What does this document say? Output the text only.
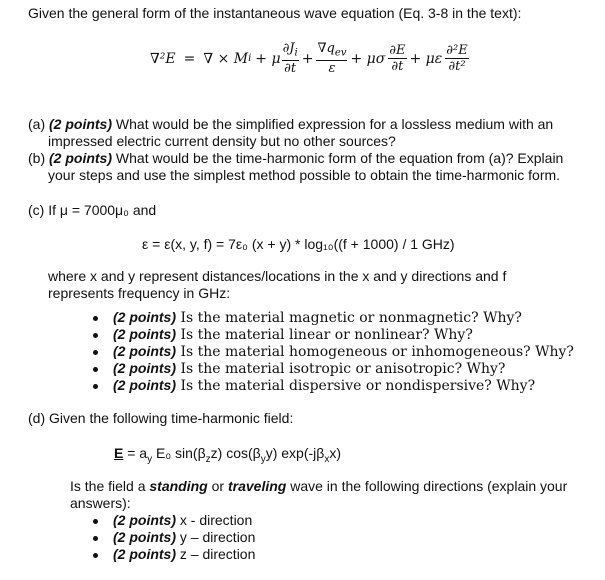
Given the general form of the instantaneous wave equation (Eq. 3-8 in the text):
∇²E = ∇ × M i + μ $\frac{\partial J_i}{\partial t} + \frac{\nabla q_{ev}}{\varepsilon} + \mu\sigma \frac{\partial E}{\partial t} + \mu\varepsilon \frac{\text{∂²E}}{\text{∂t²}}$
(a) (2 points) What would be the simplified expression for a lossless medium with an
impressed electric current density but no other sources?
(b) (2 points) What would be the time-harmonic form of the equation from (a)? Explain
your steps and use the simplest method possible to obtain the time-harmonic form.
(c) If μ = 7000μ₀ and
ε = ε(x, y, f) = 7ε₀ (x + y) * log₁₀((f + 1000) / 1 GHz)
where x and y represent distances/locations in the x and y directions and f
represents frequency in GHz:
(2 points) Is the material magnetic or nonmagnetic? Why?
(2 points) Is the material linear or nonlinear? Why?
(2 points) Is the material homogeneous or inhomogeneous? Why?
(2 points) Is the material isotropic or anisotropic? Why?
(2 points) Is the material dispersive or nondispersive? Why?
(d) Given the following time-harmonic field:
$E = a_y$ E₀ $\sin(\beta_zz)$ $\cos(\beta_yy)$ $\exp(-j\beta_xx)$
Is the field a standing or traveling wave in the following directions (explain your
answers):
(2 points) x - direction
(2 points) y – direction
(2 points) z – direction
